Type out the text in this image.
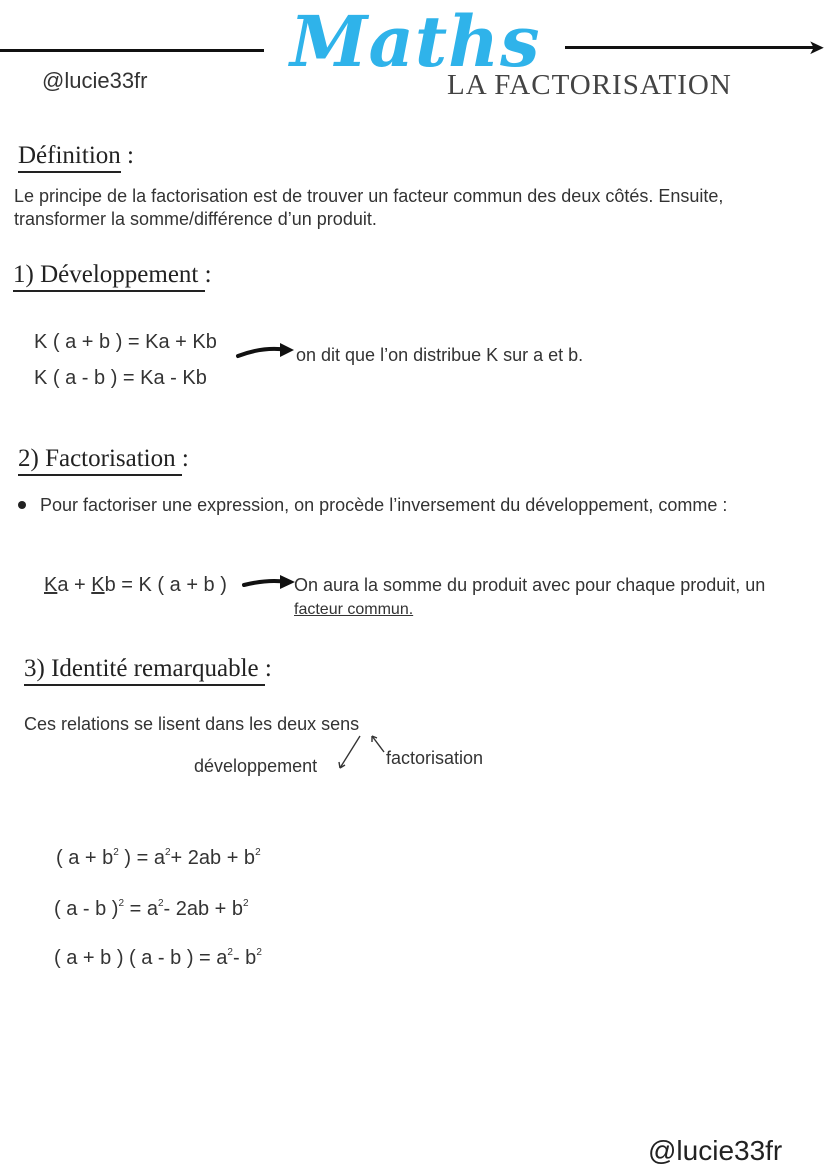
➤
Maths
LA FACTORISATION
@lucie33fr
Définition :
Le principe de la factorisation est de trouver un facteur commun des deux côtés. Ensuite,
transformer la somme/différence d’un produit.
1) Développement :
K ( a + b ) = Ka + Kb
K ( a - b ) = Ka - Kb
on dit que l’on distribue K sur a et b.
2) Factorisation :
Pour factoriser une expression, on procède l’inversement du développement, comme :
Ka + Kb = K ( a + b )	On aura la somme du produit avec pour chaque produit, un
facteur commun.
3) Identité remarquable :
Ces relations se lisent dans les deux sens
développement	factorisation
( $a + b^2$ ) = $a^2+ 2ab + b^2$
( a - b )$^2 = a^2-$ $2ab + b^2$
( a + b ) ( a - b ) = $a^2-$ $b^2$
@lucie33fr
